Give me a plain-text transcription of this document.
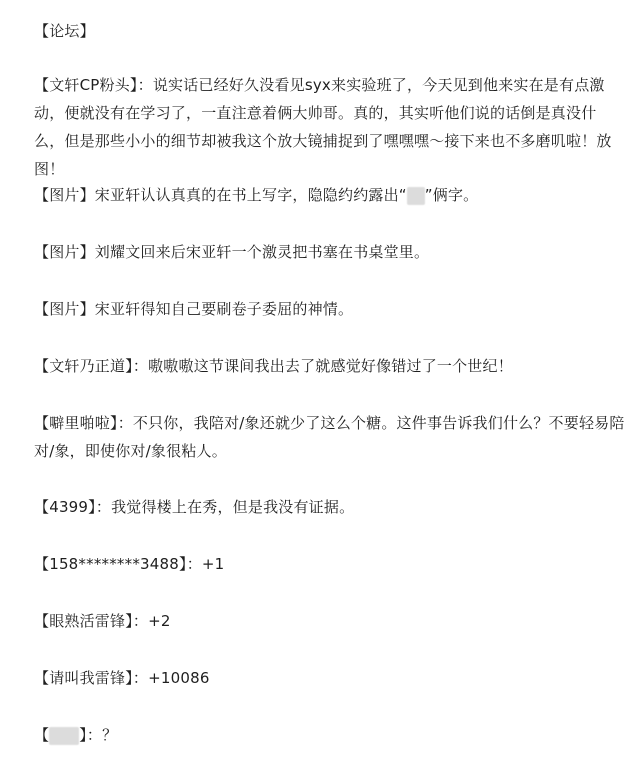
【论坛】

【文轩CP粉头】：说实话已经好久没看见syx来实验班了，今天见到他来实在是有点激动，便就没有在学习了，一直注意着俩大帅哥。真的，其实听他们说的话倒是真没什么，但是那些小小的细节却被我这个放大镜捕捉到了嘿嘿嘿～接下来也不多磨叽啦！放图！

【图片】宋亚轩认认真真的在书上写字，隐隐约约露出“ ”俩字。

【图片】刘耀文回来后宋亚轩一个激灵把书塞在书桌堂里。

【图片】宋亚轩得知自己要刷卷子委屈的神情。

【文轩乃正道】：嗷嗷嗷这节课间我出去了就感觉好像错过了一个世纪！

【噼里啪啦】：不只你，我陪对/象还就少了这么个糖。这件事告诉我们什么？不要轻易陪对/象，即使你对/象很粘人。

【4399】：我觉得楼上在秀，但是我没有证据。

【158********3488】：+1

【眼熟活雷锋】：+2

【请叫我雷锋】：+10086

【 】：？
